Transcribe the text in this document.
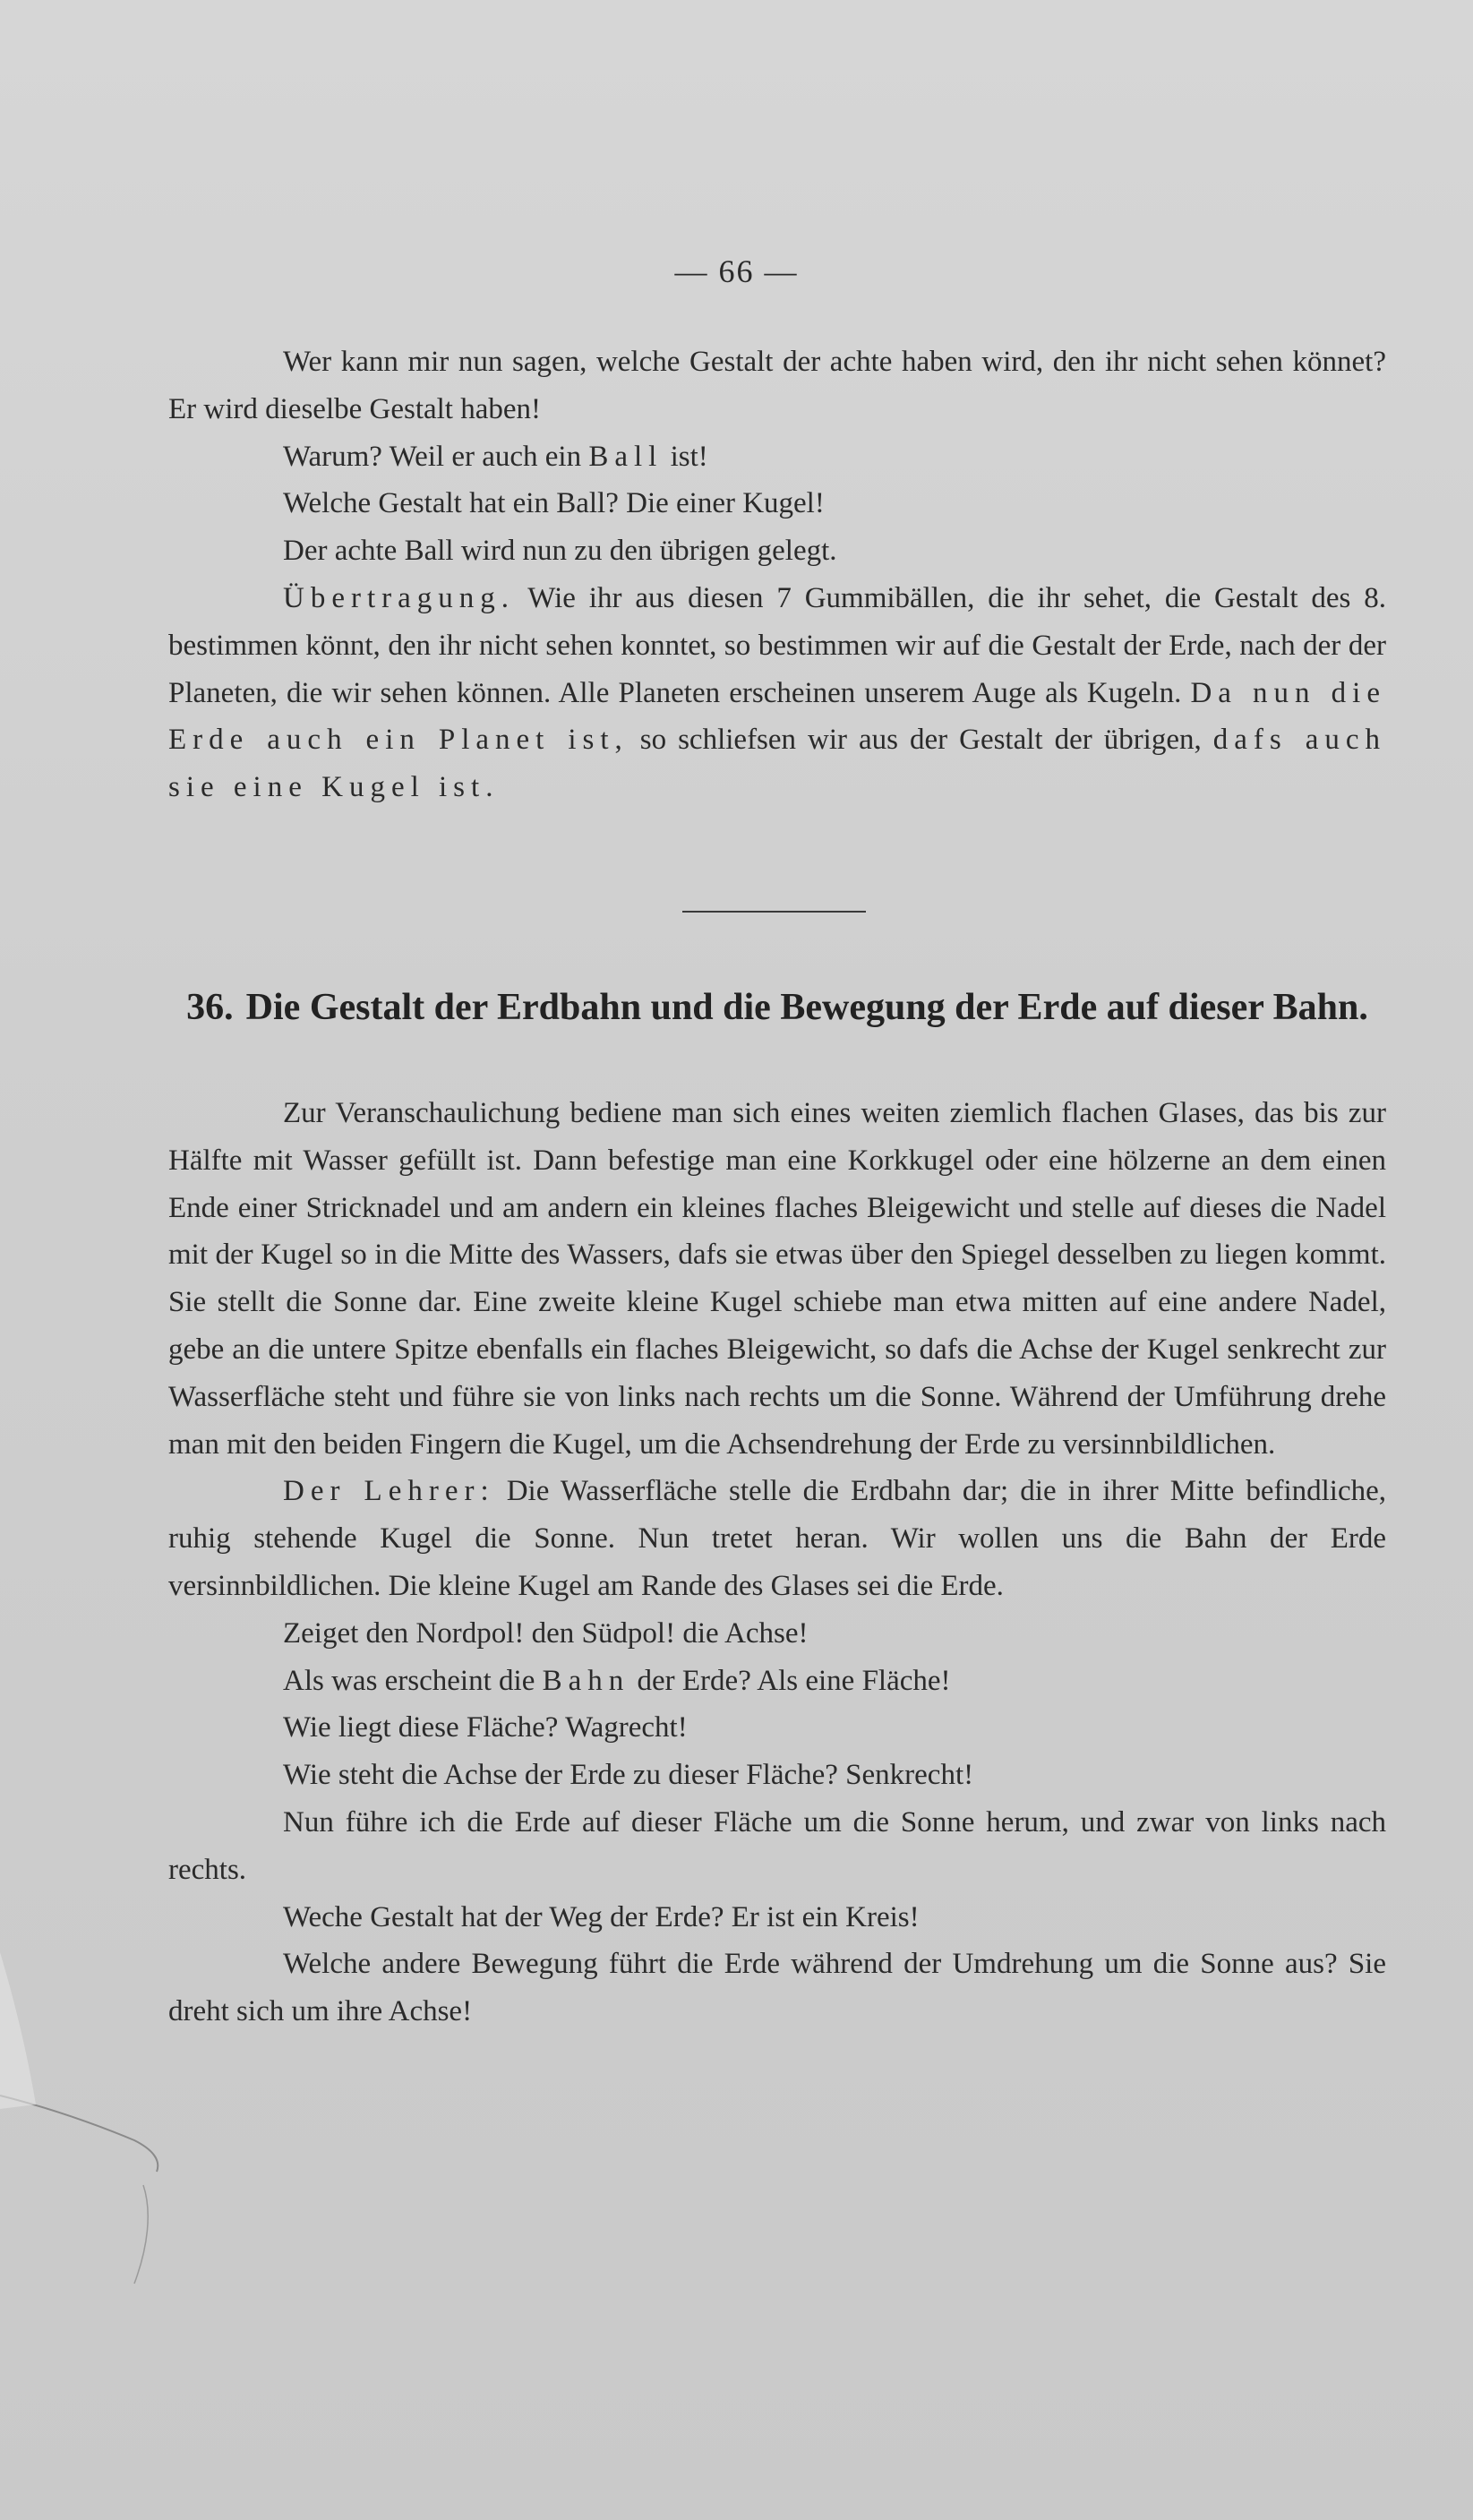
— 66 —

Wer kann mir nun sagen, welche Gestalt der achte haben wird, den ihr nicht sehen könnet? Er wird dieselbe Gestalt haben!

Warum? Weil er auch ein Ball ist!

Welche Gestalt hat ein Ball? Die einer Kugel!

Der achte Ball wird nun zu den übrigen gelegt.

Übertragung. Wie ihr aus diesen 7 Gummibällen, die ihr sehet, die Gestalt des 8. bestimmen könnt, den ihr nicht sehen konntet, so bestimmen wir auf die Gestalt der Erde, nach der der Planeten, die wir sehen können. Alle Planeten erscheinen unserem Auge als Kugeln. Da nun die Erde auch ein Planet ist, so schliefsen wir aus der Gestalt der übrigen, dafs auch sie eine Kugel ist.

36. Die Gestalt der Erdbahn und die Bewegung der Erde auf dieser Bahn.

Zur Veranschaulichung bediene man sich eines weiten ziemlich flachen Glases, das bis zur Hälfte mit Wasser gefüllt ist. Dann befestige man eine Korkkugel oder eine hölzerne an dem einen Ende einer Stricknadel und am andern ein kleines flaches Bleigewicht und stelle auf dieses die Nadel mit der Kugel so in die Mitte des Wassers, dafs sie etwas über den Spiegel desselben zu liegen kommt. Sie stellt die Sonne dar. Eine zweite kleine Kugel schiebe man etwa mitten auf eine andere Nadel, gebe an die untere Spitze ebenfalls ein flaches Bleigewicht, so dafs die Achse der Kugel senkrecht zur Wasserfläche steht und führe sie von links nach rechts um die Sonne. Während der Umführung drehe man mit den beiden Fingern die Kugel, um die Achsendrehung der Erde zu versinnbildlichen.

Der Lehrer: Die Wasserfläche stelle die Erdbahn dar; die in ihrer Mitte befindliche, ruhig stehende Kugel die Sonne. Nun tretet heran. Wir wollen uns die Bahn der Erde versinnbildlichen. Die kleine Kugel am Rande des Glases sei die Erde.

Zeiget den Nordpol! den Südpol! die Achse!

Als was erscheint die Bahn der Erde? Als eine Fläche!

Wie liegt diese Fläche? Wagrecht!

Wie steht die Achse der Erde zu dieser Fläche? Senkrecht!

Nun führe ich die Erde auf dieser Fläche um die Sonne herum, und zwar von links nach rechts.

Weche Gestalt hat der Weg der Erde? Er ist ein Kreis!

Welche andere Bewegung führt die Erde während der Umdrehung um die Sonne aus? Sie dreht sich um ihre Achse!
